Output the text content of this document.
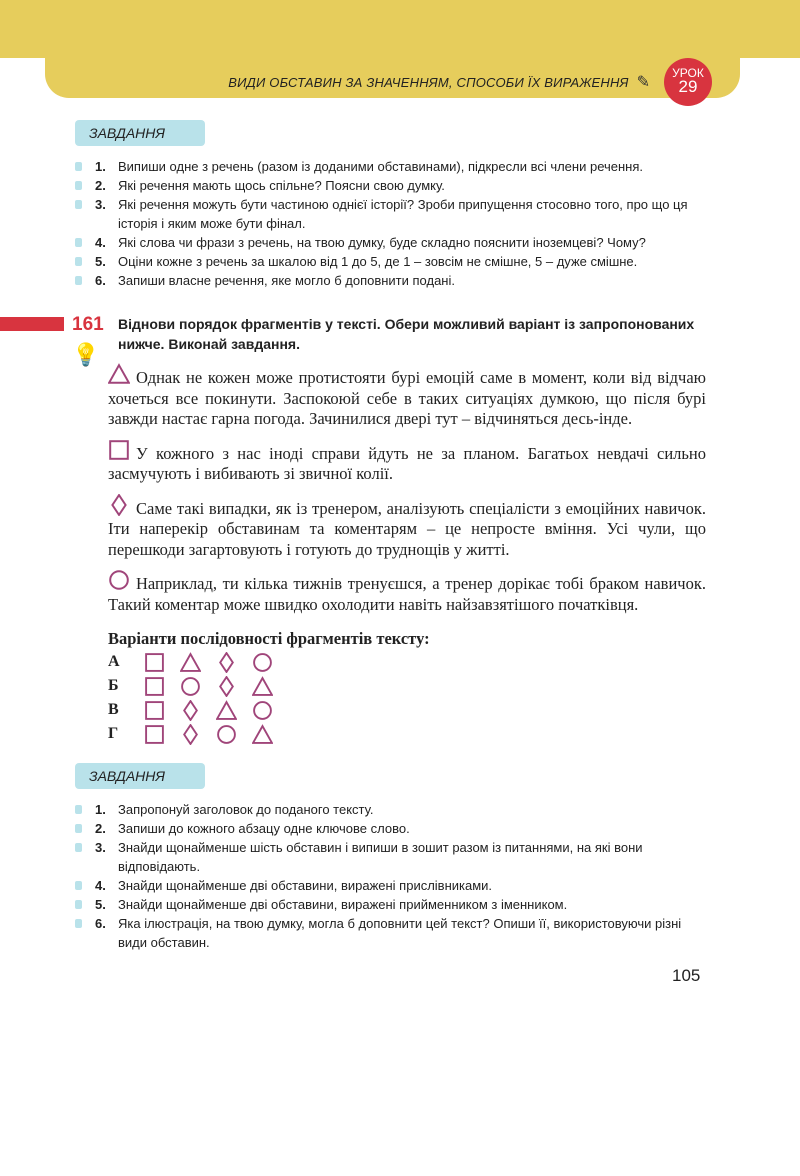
ВИДИ ОБСТАВИН ЗА ЗНАЧЕННЯМ, СПОСОБИ ЇХ ВИРАЖЕННЯ ✎
УРОК
29
ЗАВДАННЯ
1. Випиши одне з речень (разом із доданими обставинами), підкресли всі члени речення.
2. Які речення мають щось спільне? Поясни свою думку.
3. Які речення можуть бути частиною однієї історії? Зроби припущення стосовно того, про що ця історія і яким може бути фінал.
4. Які слова чи фрази з речень, на твою думку, буде складно пояснити іноземцеві? Чому?
5. Оціни кожне з речень за шкалою від 1 до 5, де 1 – зовсім не смішне, 5 – дуже смішне.
6. Запиши власне речення, яке могло б доповнити подані.
161
💡
Віднови порядок фрагментів у тексті. Обери можливий варіант із запропонованих нижче. Виконай завдання.
Однак не кожен може протистояти бурі емоцій саме в момент, коли від відчаю хочеться все покинути. Заспокоюй себе в таких ситуаціях думкою, що після бурі завжди настає гарна погода. Зачинилися двері тут – відчиняться десь-інде.
У кожного з нас іноді справи йдуть не за планом. Багатьох невдачі сильно засмучують і вибивають зі звичної колії.
Саме такі випадки, як із тренером, аналізують спеціалісти з емоційних навичок. Іти наперекір обставинам та коментарям – це непросте вміння. Усі чули, що перешкоди загартовують і готують до труднощів у житті.
Наприклад, ти кілька тижнів тренуєшся, а тренер дорікає тобі браком навичок. Такий коментар може швидко охолодити навіть найзавзятішого початківця.
Варіанти послідовності фрагментів тексту:
А
Б
В
Г
ЗАВДАННЯ
1. Запропонуй заголовок до поданого тексту.
2. Запиши до кожного абзацу одне ключове слово.
3. Знайди щонайменше шість обставин і випиши в зошит разом із питаннями, на які вони відповідають.
4. Знайди щонайменше дві обставини, виражені прислівниками.
5. Знайди щонайменше дві обставини, виражені прийменником з іменником.
6. Яка ілюстрація, на твою думку, могла б доповнити цей текст? Опиши її, використовуючи різні види обставин.
105
